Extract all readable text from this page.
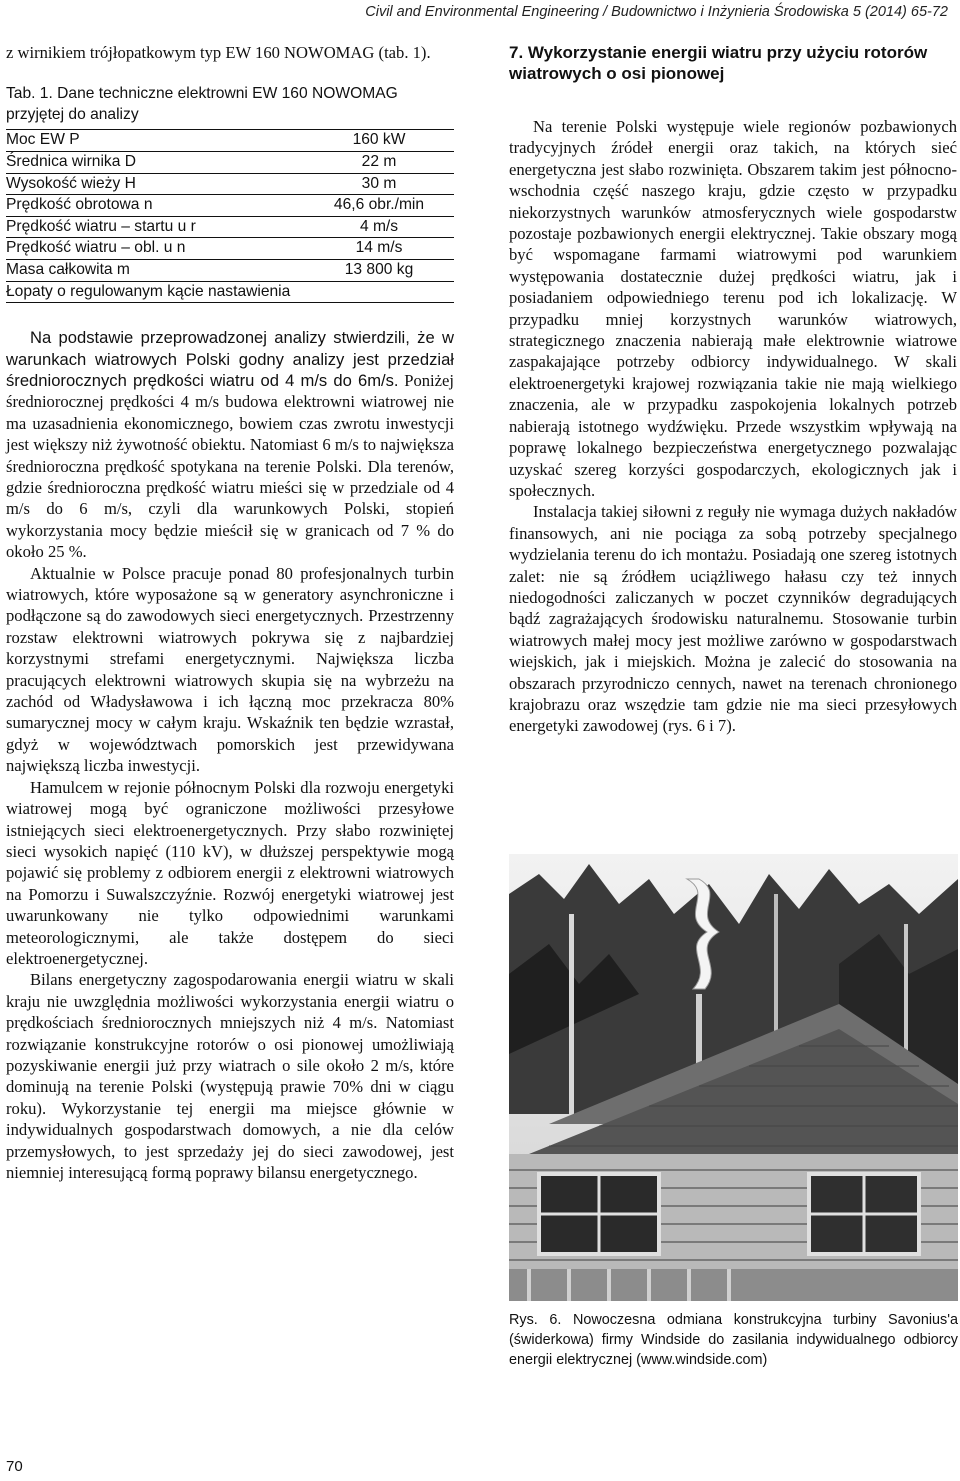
Civil and Environmental Engineering / Budownictwo i Inżynieria Środowiska 5 (2014) 65-72

z wirnikiem trójłopatkowym typ EW 160 NOWOMAG (tab. 1).

Tab. 1. Dane techniczne elektrowni EW 160 NOWOMAG przyjętej do analizy

Moc EW P	160 kW
Średnica wirnika D	22 m
Wysokość wieży H	30 m
Prędkość obrotowa n	46,6 obr./min
Prędkość wiatru – startu u r	4 m/s
Prędkość wiatru – obl. u n	14 m/s
Masa całkowita m	13 800 kg
Łopaty o regulowanym kącie nastawienia	

Na podstawie przeprowadzonej analizy stwierdzili, że w warunkach wiatrowych Polski godny analizy jest przedział średniorocznych prędkości wiatru od 4 m/s do 6m/s. Poniżej średniorocznej prędkości 4 m/s budowa elektrowni wiatrowej nie ma uzasadnienia ekonomicznego, bowiem czas zwrotu inwestycji jest większy niż żywotność obiektu. Natomiast 6 m/s to największa średnioroczna prędkość spotykana na terenie Polski. Dla terenów, gdzie średnioroczna prędkość wiatru mieści się w przedziale od 4 m/s do 6 m/s, czyli dla warunkowych Polski, stopień wykorzystania mocy będzie mieścił się w granicach od 7 % do około 25 %.

Aktualnie w Polsce pracuje ponad 80 profesjonalnych turbin wiatrowych, które wyposażone są w generatory asynchroniczne i podłączone są do zawodowych sieci energetycznych. Przestrzenny rozstaw elektrowni wiatrowych pokrywa się z najbardziej korzystnymi strefami energetycznymi. Największa liczba pracujących elektrowni wiatrowych skupia się na wybrzeżu na zachód od Władysławowa i ich łączną moc przekracza 80% sumarycznej mocy w całym kraju. Wskaźnik ten będzie wzrastał, gdyż w województwach pomorskich jest przewidywana największą liczba inwestycji.

Hamulcem w rejonie północnym Polski dla rozwoju energetyki wiatrowej mogą być ograniczone możliwości przesyłowe istniejących sieci elektroenergetycznych. Przy słabo rozwiniętej sieci wysokich napięć (110 kV), w dłuższej perspektywie mogą pojawić się problemy z odbiorem energii z elektrowni wiatrowych na Pomorzu i Suwalszczyźnie. Rozwój energetyki wiatrowej jest uwarunkowany nie tylko odpowiednimi warunkami meteorologicznymi, ale także dostępem do sieci elektroenergetycznej.

Bilans energetyczny zagospodarowania energii wiatru w skali kraju nie uwzględnia możliwości wykorzystania energii wiatru o prędkościach średniorocznych mniejszych niż 4 m/s. Natomiast rozwiązanie konstrukcyjne rotorów o osi pionowej umożliwiają pozyskiwanie energii już przy wiatrach o sile około 2 m/s, które dominują na terenie Polski (występują prawie 70% dni w ciągu roku). Wykorzystanie tej energii ma miejsce głównie w indywidualnych gospodarstwach domowych, a nie dla celów przemysłowych, to jest sprzedaży jej do sieci zawodowej, jest niemniej interesującą formą poprawy bilansu energetycznego.

7. Wykorzystanie energii wiatru przy użyciu rotorów wiatrowych o osi pionowej

Na terenie Polski występuje wiele regionów pozbawionych tradycyjnych źródeł energii oraz takich, na których sieć energetyczna jest słabo rozwinięta. Obszarem takim jest północno-wschodnia część naszego kraju, gdzie często w przypadku niekorzystnych warunków atmosferycznych wiele gospodarstw pozostaje pozbawionych energii elektrycznej. Takie obszary mogą być wspomagane farmami wiatrowymi pod warunkiem występowania dostatecznie dużej prędkości wiatru, jak i posiadaniem odpowiedniego terenu pod ich lokalizację. W przypadku mniej korzystnych warunków wiatrowych, strategicznego znaczenia nabierają małe elektrownie wiatrowe zaspakajające potrzeby odbiorcy indywidualnego. W skali elektroenergetyki krajowej rozwiązania takie nie mają wielkiego znaczenia, ale w przypadku zaspokojenia lokalnych potrzeb nabierają istotnego wydźwięku. Przede wszystkim wpływają na poprawę lokalnego bezpieczeństwa energetycznego pozwalając uzyskać szereg korzyści gospodarczych, ekologicznych jak i społecznych.

Instalacja takiej siłowni z reguły nie wymaga dużych nakładów finansowych, ani nie pociąga za sobą potrzeby specjalnego wydzielania terenu do ich montażu. Posiadają one szereg istotnych zalet: nie są źródłem uciążliwego hałasu czy też innych niedogodności zaliczanych w poczet czynników degradujących bądź zagrażających środowisku naturalnemu. Stosowanie turbin wiatrowych małej mocy jest możliwe zarówno w gospodarstwach wiejskich, jak i miejskich. Można je zalecić do stosowania na obszarach przyrodniczo cennych, nawet na terenach chronionego krajobrazu oraz wszędzie tam gdzie nie ma sieci przesyłowych energetyki zawodowej (rys. 6 i 7).

Rys. 6. Nowoczesna odmiana konstrukcyjna turbiny Savonius'a (świderkowa) firmy Windside do zasilania indywidualnego odbiorcy energii elektrycznej (www.windside.com)
70
